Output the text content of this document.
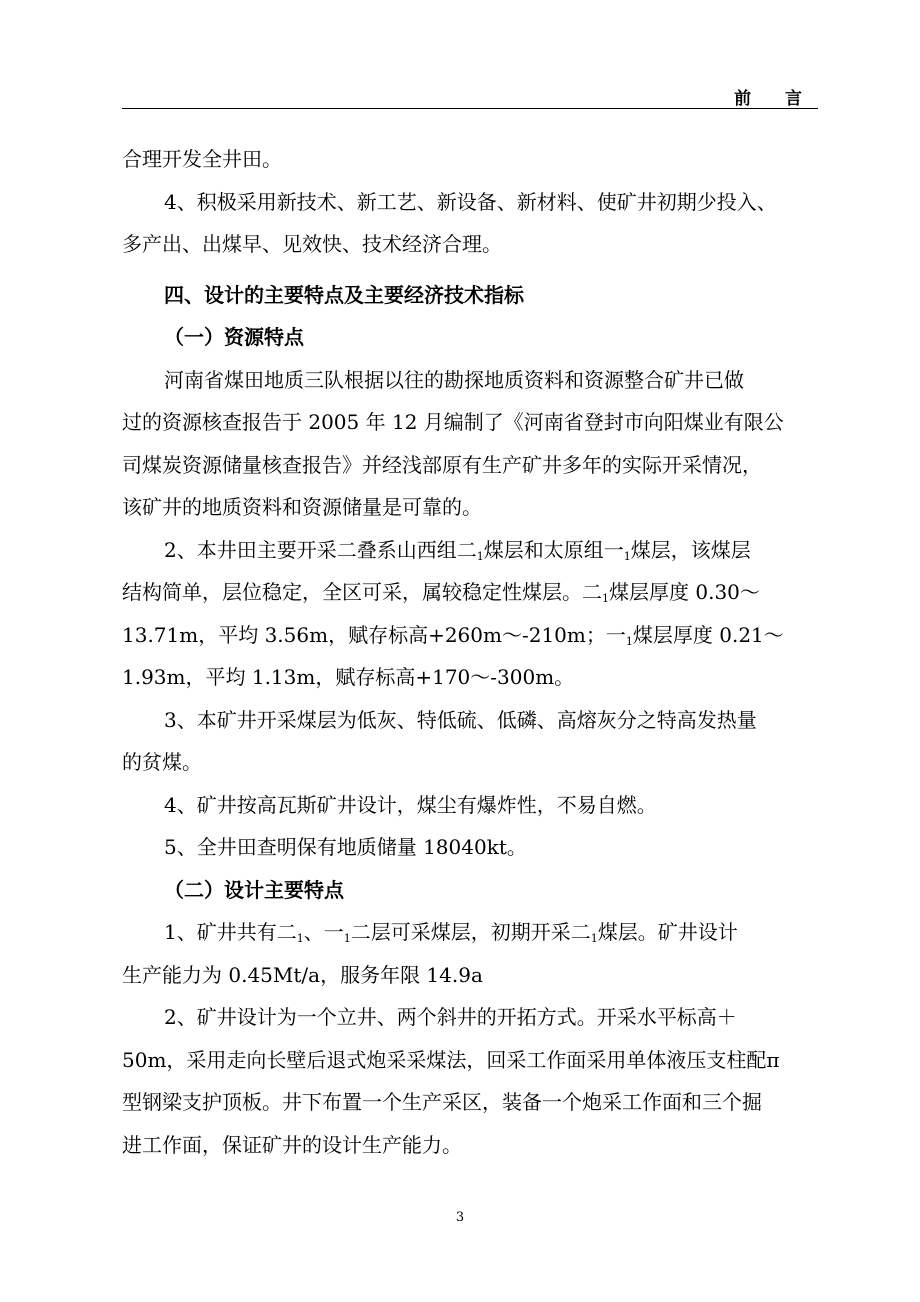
前 言
合理开发全井田。
4、积极采用新技术、新工艺、新设备、新材料、使矿井初期少投入、
多产出、出煤早、见效快、技术经济合理。
四、设计的主要特点及主要经济技术指标
（一）资源特点
河南省煤田地质三队根据以往的勘探地质资料和资源整合矿井已做
过的资源核查报告于 2005 年 12 月编制了《河南省登封市向阳煤业有限公
司煤炭资源储量核查报告》并经浅部原有生产矿井多年的实际开采情况，
该矿井的地质资料和资源储量是可靠的。
2、本井田主要开采二叠系山西组二$_1$煤层和太原组一$_1$煤层，该煤层
结构简单，层位稳定，全区可采，属较稳定性煤层。二$_1$煤层厚度 0.30～
13.71m，平均 3.56m，赋存标高+260m～-210m；一$_1$煤层厚度 0.21～
1.93m，平均 1.13m，赋存标高+170～-300m。
3、本矿井开采煤层为低灰、特低硫、低磷、高熔灰分之特高发热量
的贫煤。
4、矿井按高瓦斯矿井设计，煤尘有爆炸性，不易自燃。
5、全井田查明保有地质储量 18040kt。
（二）设计主要特点
1、矿井共有二$_1$、一$_1$二层可采煤层，初期开采二$_1$煤层。矿井设计
生产能力为 0.45Mt/a，服务年限 14.9a
2、矿井设计为一个立井、两个斜井的开拓方式。开采水平标高＋
50m，采用走向长壁后退式炮采采煤法，回采工作面采用单体液压支柱配π
型钢梁支护顶板。井下布置一个生产采区，装备一个炮采工作面和三个掘
进工作面，保证矿井的设计生产能力。
3
